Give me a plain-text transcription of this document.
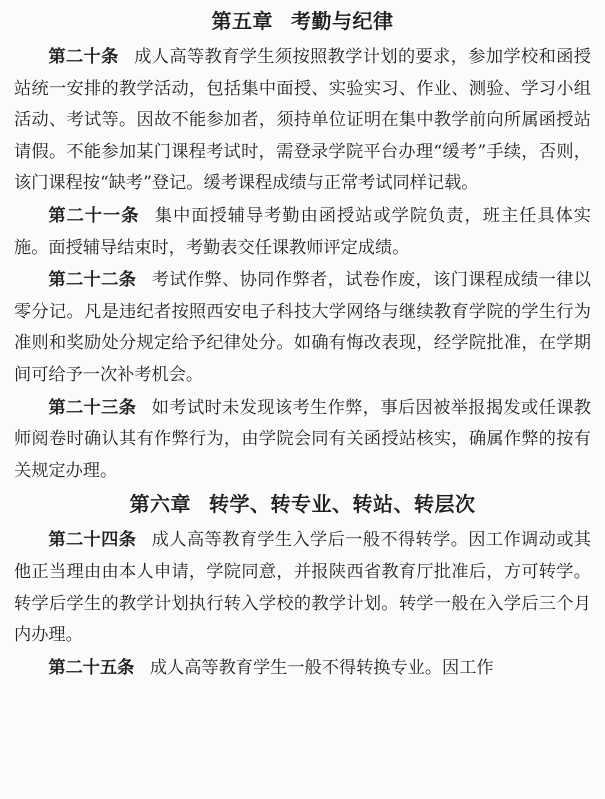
第五章 考勤与纪律

第二十条 成人高等教育学生须按照教学计划的要求，参加学校和函授站统一安排的教学活动，包括集中面授、实验实习、作业、测验、学习小组活动、考试等。因故不能参加者，须持单位证明在集中教学前向所属函授站请假。不能参加某门课程考试时，需登录学院平台办理“缓考”手续，否则，该门课程按“缺考”登记。缓考课程成绩与正常考试同样记载。

第二十一条 集中面授辅导考勤由函授站或学院负责，班主任具体实施。面授辅导结束时，考勤表交任课教师评定成绩。

第二十二条 考试作弊、协同作弊者，试卷作废，该门课程成绩一律以零分记。凡是违纪者按照西安电子科技大学网络与继续教育学院的学生行为准则和奖励处分规定给予纪律处分。如确有悔改表现，经学院批准，在学期间可给予一次补考机会。

第二十三条 如考试时未发现该考生作弊，事后因被举报揭发或任课教师阅卷时确认其有作弊行为，由学院会同有关函授站核实，确属作弊的按有关规定办理。

第六章 转学、转专业、转站、转层次

第二十四条 成人高等教育学生入学后一般不得转学。因工作调动或其他正当理由由本人申请，学院同意，并报陕西省教育厅批准后，方可转学。转学后学生的教学计划执行转入学校的教学计划。转学一般在入学后三个月内办理。

第二十五条 成人高等教育学生一般不得转换专业。因工作
